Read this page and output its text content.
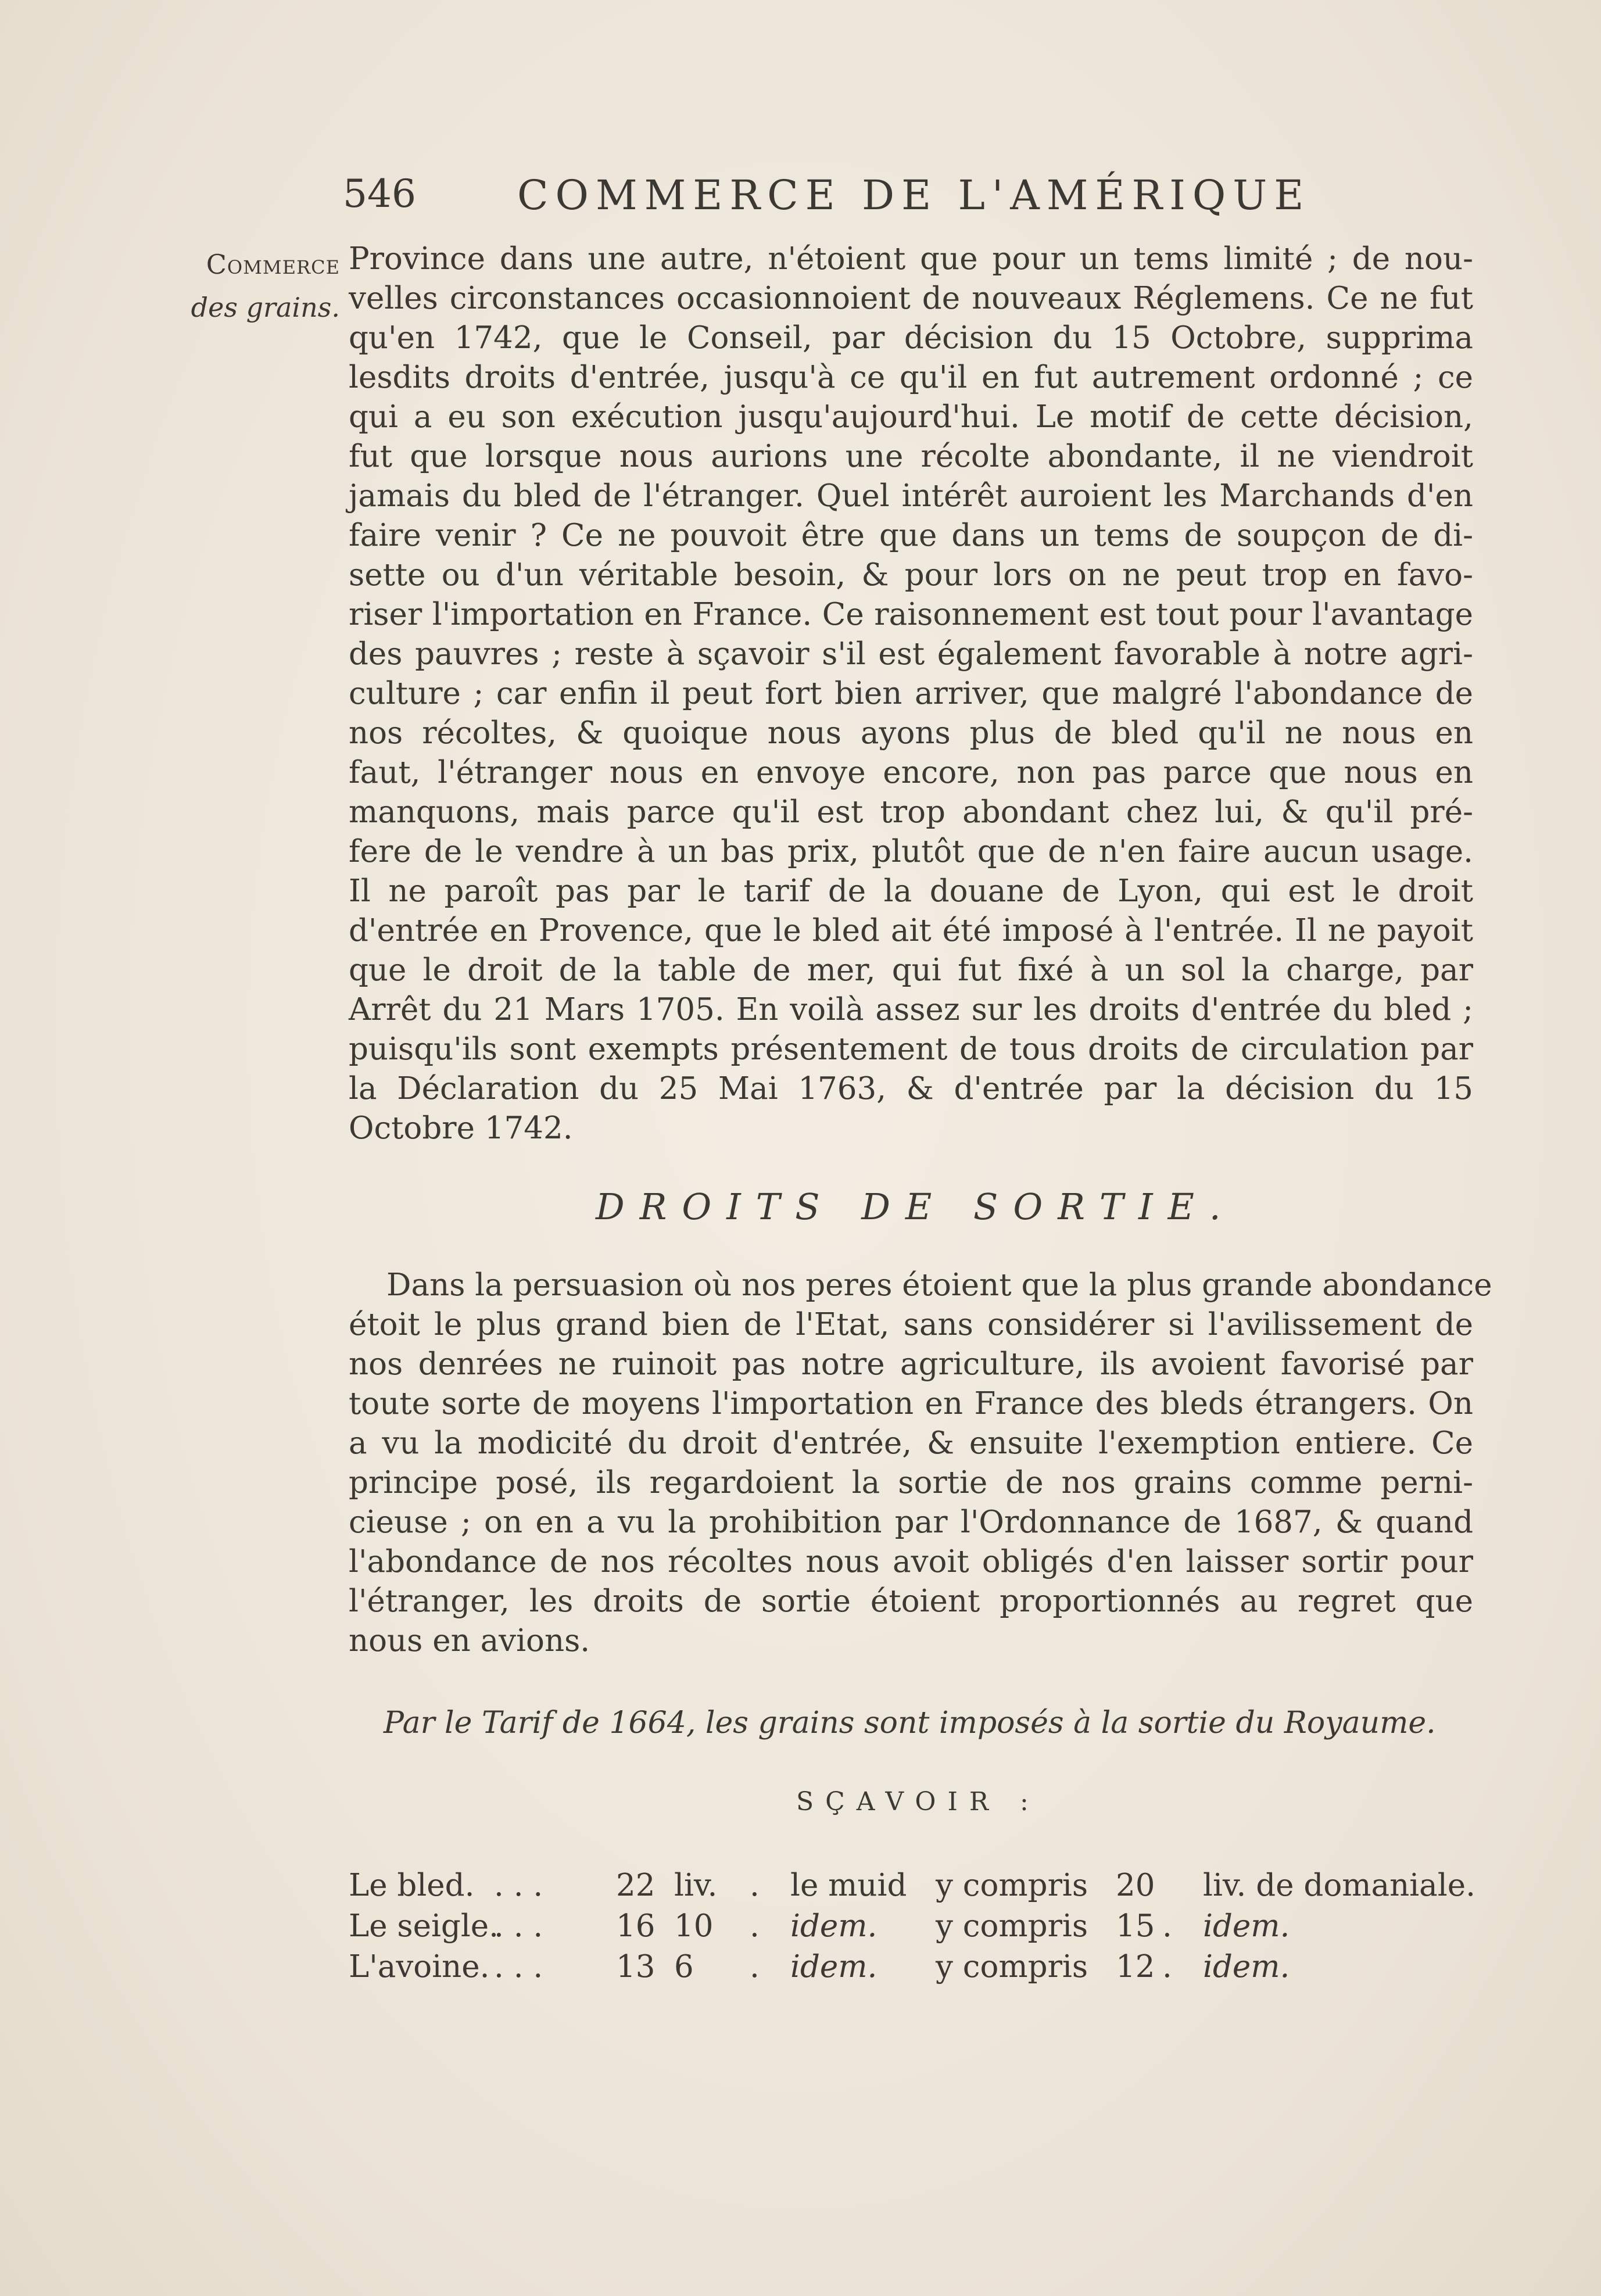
546 COMMERCE DE L'AMÉRIQUE
Commerce
des grains.
Province dans une autre, n'étoient que pour un tems limité ; de nou-
velles circonstances occasionnoient de nouveaux Réglemens. Ce ne fut
qu'en 1742, que le Conseil, par décision du 15 Octobre, supprima
lesdits droits d'entrée, jusqu'à ce qu'il en fut autrement ordonné ; ce
qui a eu son exécution jusqu'aujourd'hui. Le motif de cette décision,
fut que lorsque nous aurions une récolte abondante, il ne viendroit
jamais du bled de l'étranger. Quel intérêt auroient les Marchands d'en
faire venir ? Ce ne pouvoit être que dans un tems de soupçon de di-
sette ou d'un véritable besoin, & pour lors on ne peut trop en favo-
riser l'importation en France. Ce raisonnement est tout pour l'avantage
des pauvres ; reste à sçavoir s'il est également favorable à notre agri-
culture ; car enfin il peut fort bien arriver, que malgré l'abondance de
nos récoltes, & quoique nous ayons plus de bled qu'il ne nous en
faut, l'étranger nous en envoye encore, non pas parce que nous en
manquons, mais parce qu'il est trop abondant chez lui, & qu'il pré-
fere de le vendre à un bas prix, plutôt que de n'en faire aucun usage.
Il ne paroît pas par le tarif de la douane de Lyon, qui est le droit
d'entrée en Provence, que le bled ait été imposé à l'entrée. Il ne payoit
que le droit de la table de mer, qui fut fixé à un sol la charge, par
Arrêt du 21 Mars 1705. En voilà assez sur les droits d'entrée du bled ;
puisqu'ils sont exempts présentement de tous droits de circulation par
la Déclaration du 25 Mai 1763, & d'entrée par la décision du 15
Octobre 1742.
DROITS DE SORTIE.
Dans la persuasion où nos peres étoient que la plus grande abondance
étoit le plus grand bien de l'Etat, sans considérer si l'avilissement de
nos denrées ne ruinoit pas notre agriculture, ils avoient favorisé par
toute sorte de moyens l'importation en France des bleds étrangers. On
a vu la modicité du droit d'entrée, & ensuite l'exemption entiere. Ce
principe posé, ils regardoient la sortie de nos grains comme perni-
cieuse ; on en a vu la prohibition par l'Ordonnance de 1687, & quand
l'abondance de nos récoltes nous avoit obligés d'en laisser sortir pour
l'étranger, les droits de sortie étoient proportionnés au regret que
nous en avions.
Par le Tarif de 1664, les grains sont imposés à la sortie du Royaume.
SÇAVOIR :
Le bled. . . . 22 liv. . le muid y compris 20 liv. de domaniale.
Le seigle.
. . . 16 10 . idem. y compris 15 . idem.
L'avoine. . . . 13 6 . idem. y compris 12 . idem.
